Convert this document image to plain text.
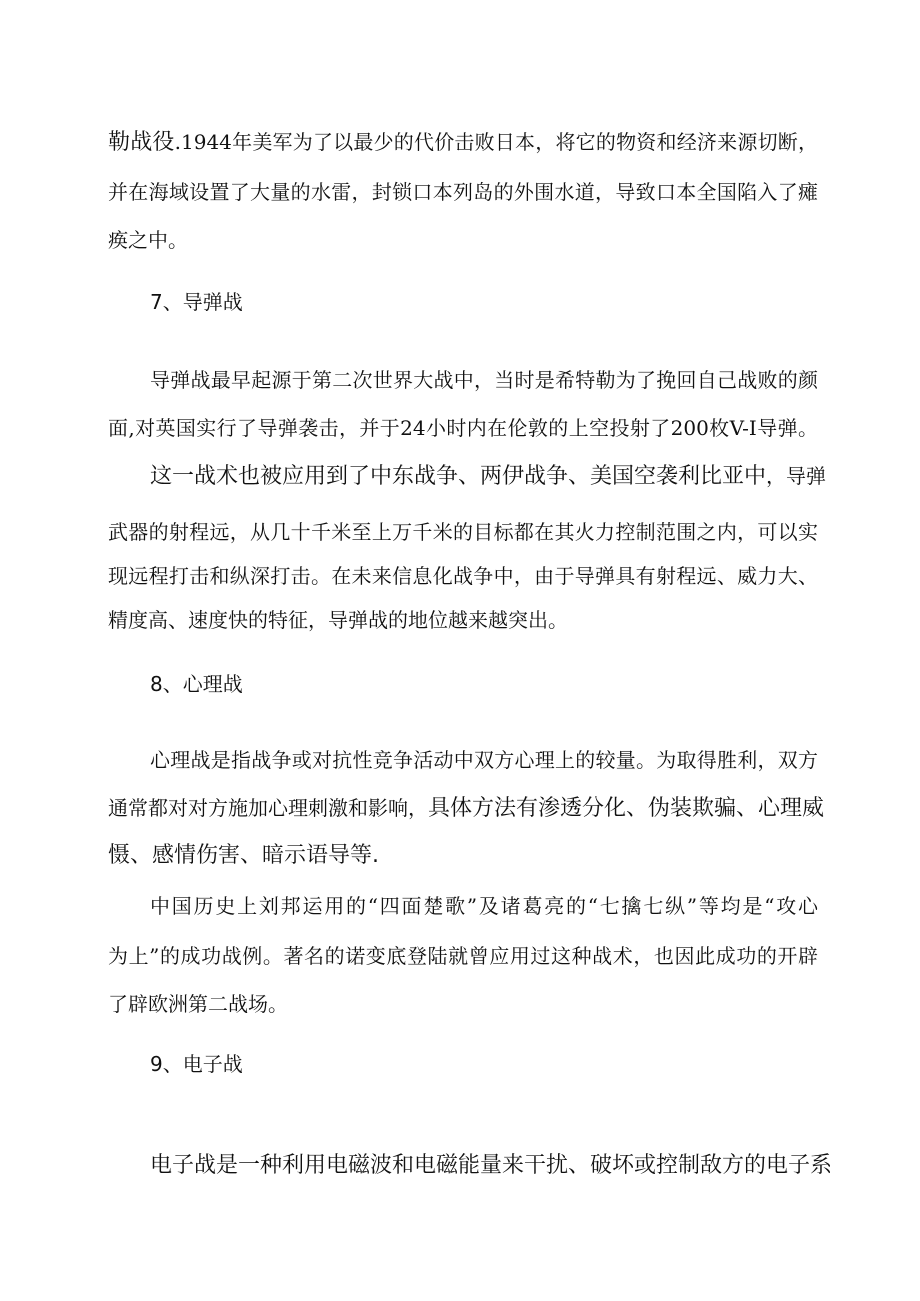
勒战役.1944年美军为了以最少的代价击败日本，将它的物资和经济来源切断，
并在海域设置了大量的水雷，封锁口本列岛的外围水道，导致口本全国陷入了瘫
痪之中。
7、导弹战
导弹战最早起源于第二次世界大战中，当时是希特勒为了挽回自己战败的颜
面,对英国实行了导弹袭击，并于24小时内在伦敦的上空投射了200枚V-I导弹。
这一战术也被应用到了中东战争、两伊战争、美国空袭利比亚中，导弹
武器的射程远，从几十千米至上万千米的目标都在其火力控制范围之内，可以实
现远程打击和纵深打击。在未来信息化战争中，由于导弹具有射程远、威力大、
精度高、速度快的特征，导弹战的地位越来越突出。
8、心理战
心理战是指战争或对抗性竞争活动中双方心理上的较量。为取得胜利，双方
通常都对对方施加心理刺激和影响，具体方法有渗透分化、伪装欺骗、心理威
慑、感情伤害、暗示语导等.
中国历史上刘邦运用的“四面楚歌”及诸葛亮的“七擒七纵”等均是“攻心
为上”的成功战例。著名的诺变底登陆就曾应用过这种战术，也因此成功的开辟
了辟欧洲第二战场。
9、电子战
电子战是一种利用电磁波和电磁能量来干扰、破坏或控制敌方的电子系
